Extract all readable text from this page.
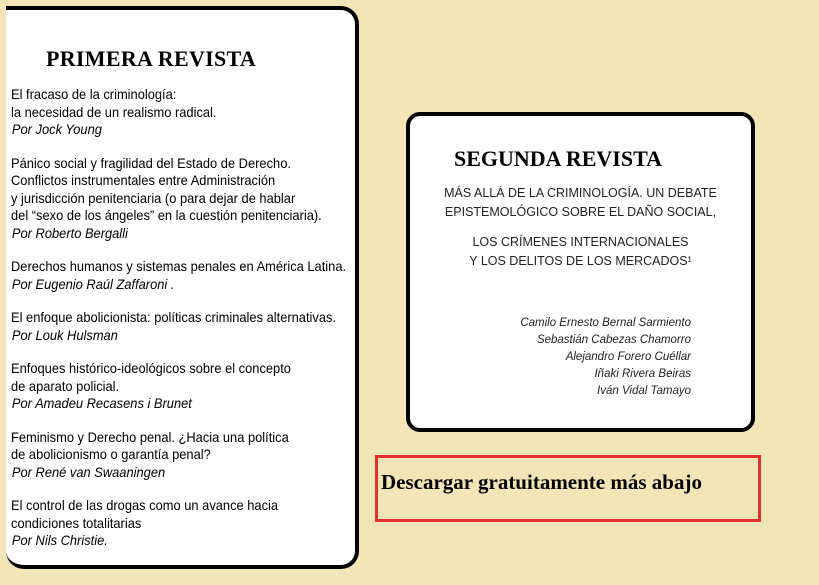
PRIMERA REVISTA
El fracaso de la criminología:
la necesidad de un realismo radical.
Por Jock Young
Pánico social y fragilidad del Estado de Derecho.
Conflictos instrumentales entre Administración
y jurisdicción penitenciaria (o para dejar de hablar
del “sexo de los ángeles” en la cuestión penitenciaria).
Por Roberto Bergalli
Derechos humanos y sistemas penales en América Latina.
Por Eugenio Raúl Zaffaroni .
El enfoque abolicionista: políticas criminales alternativas.
Por Louk Hulsman
Enfoques histórico-ideológicos sobre el concepto
de aparato policial.
Por Amadeu Recasens i Brunet
Feminismo y Derecho penal. ¿Hacia una política
de abolicionismo o garantía penal?
Por René van Swaaningen
El control de las drogas como un avance hacia
condiciones totalitarias
Por Nils Christie.
SEGUNDA REVISTA
MÁS ALLÁ DE LA CRIMINOLOGÍA. UN DEBATE
EPISTEMOLÓGICO SOBRE EL DAÑO SOCIAL,
LOS CRÍMENES INTERNACIONALES
Y LOS DELITOS DE LOS MERCADOS¹
Camilo Ernesto Bernal Sarmiento
Sebastián Cabezas Chamorro
Alejandro Forero Cuéllar
Iñaki Rivera Beiras
Iván Vidal Tamayo
Descargar gratuitamente más abajo
